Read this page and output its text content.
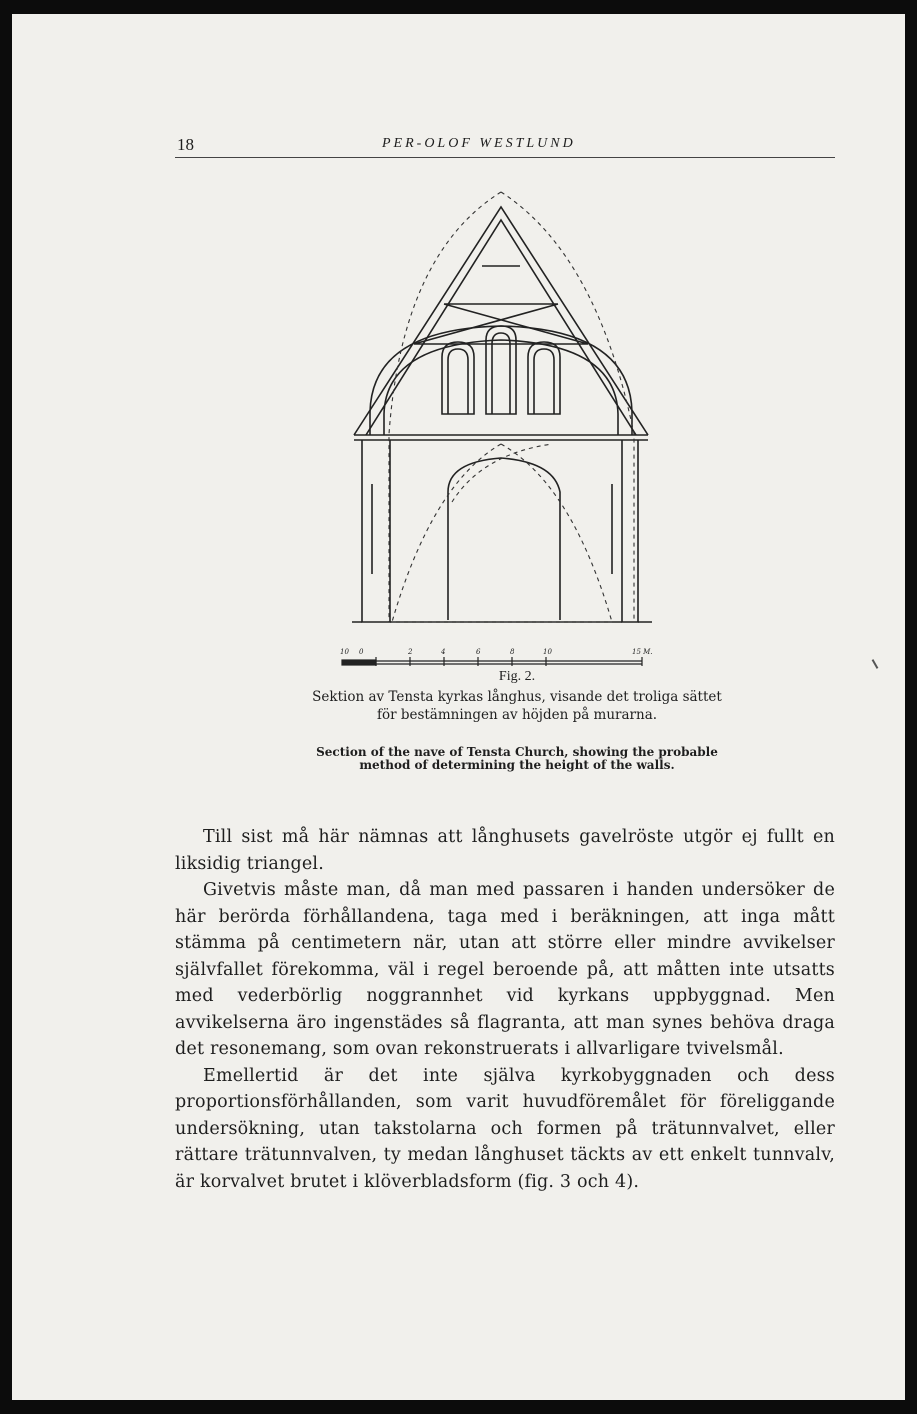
18	PER-OLOF WESTLUND
10 0	2	4	6	8	10	15 M.

Fig. 2.

Sektion av Tensta kyrkas långhus, visande det troliga sättet för bestämningen av höjden på murarna.

Section of the nave of Tensta Church, showing the probable method of determining the height of the walls.

Till sist må här nämnas att långhusets gavelröste utgör ej fullt en liksidig triangel.

Givetvis måste man, då man med passaren i handen undersöker de här berörda förhållandena, taga med i beräkningen, att inga mått stämma på centimetern när, utan att större eller mindre avvikelser självfallet förekomma, väl i regel beroende på, att måtten inte utsatts med vederbörlig noggrannhet vid kyrkans uppbyggnad. Men avvikelserna äro ingenstädes så flagranta, att man synes behöva draga det resonemang, som ovan rekonstruerats i allvarligare tvivelsmål.

Emellertid är det inte själva kyrkobyggnaden och dess proportionsförhållanden, som varit huvudföremålet för föreliggande undersökning, utan takstolarna och formen på trätunnvalvet, eller rättare trätunnvalven, ty medan långhuset täckts av ett enkelt tunnvalv, är korvalvet brutet i klöverbladsform (fig. 3 och 4).
